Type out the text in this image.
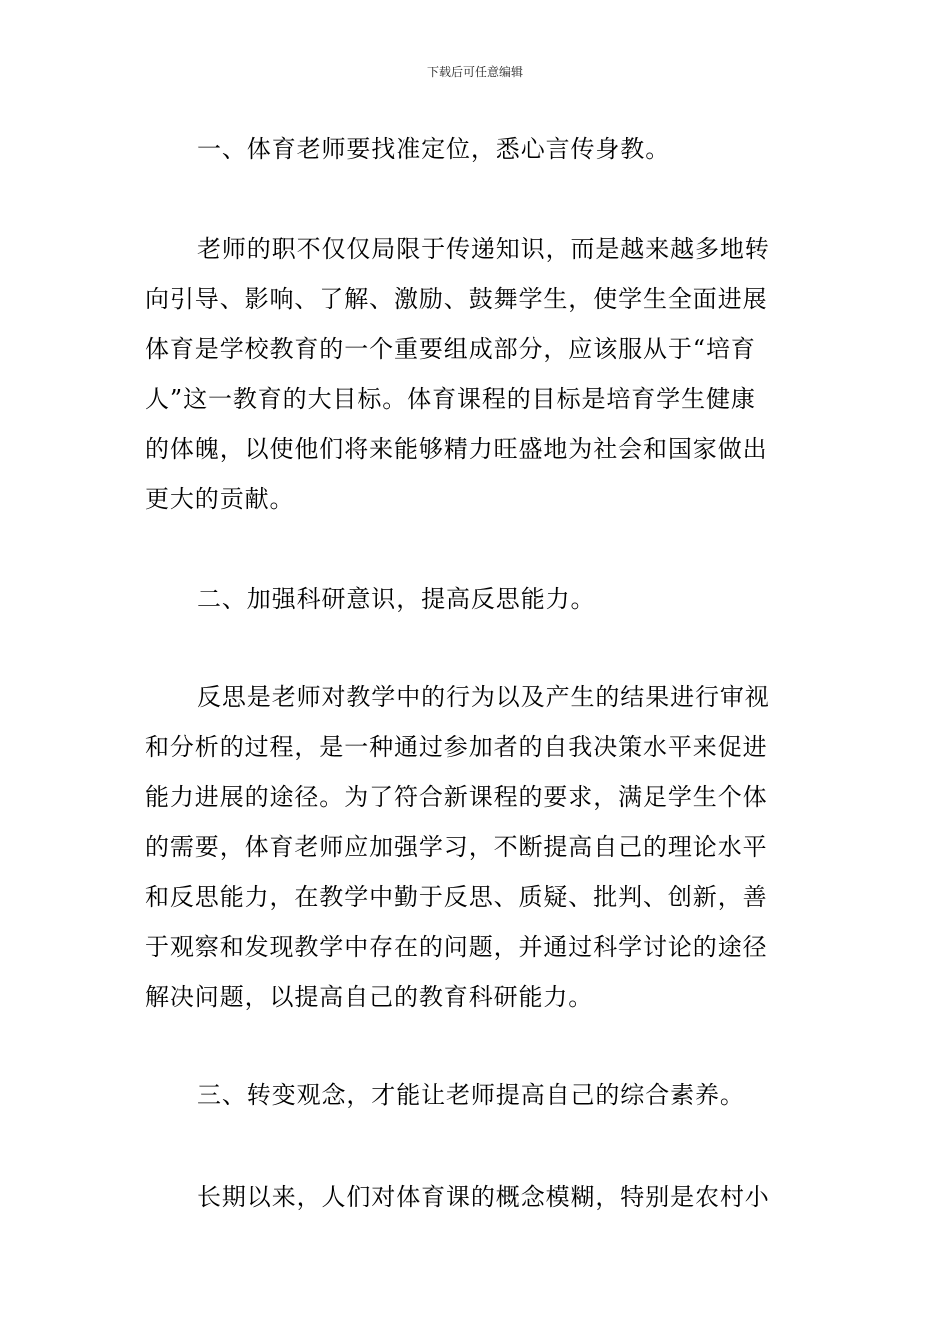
下载后可任意编辑
一、体育老师要找准定位，悉心言传身教。
老师的职不仅仅局限于传递知识，而是越来越多地转
向引导、影响、了解、激励、鼓舞学生，使学生全面进展
体育是学校教育的一个重要组成部分，应该服从于“培育
人”这一教育的大目标。体育课程的目标是培育学生健康
的体魄，以使他们将来能够精力旺盛地为社会和国家做出
更大的贡献。
二、加强科研意识，提高反思能力。
反思是老师对教学中的行为以及产生的结果进行审视
和分析的过程，是一种通过参加者的自我决策水平来促进
能力进展的途径。为了符合新课程的要求，满足学生个体
的需要，体育老师应加强学习，不断提高自己的理论水平
和反思能力，在教学中勤于反思、质疑、批判、创新，善
于观察和发现教学中存在的问题，并通过科学讨论的途径
解决问题，以提高自己的教育科研能力。
三、转变观念，才能让老师提高自己的综合素养。
长期以来，人们对体育课的概念模糊，特别是农村小
